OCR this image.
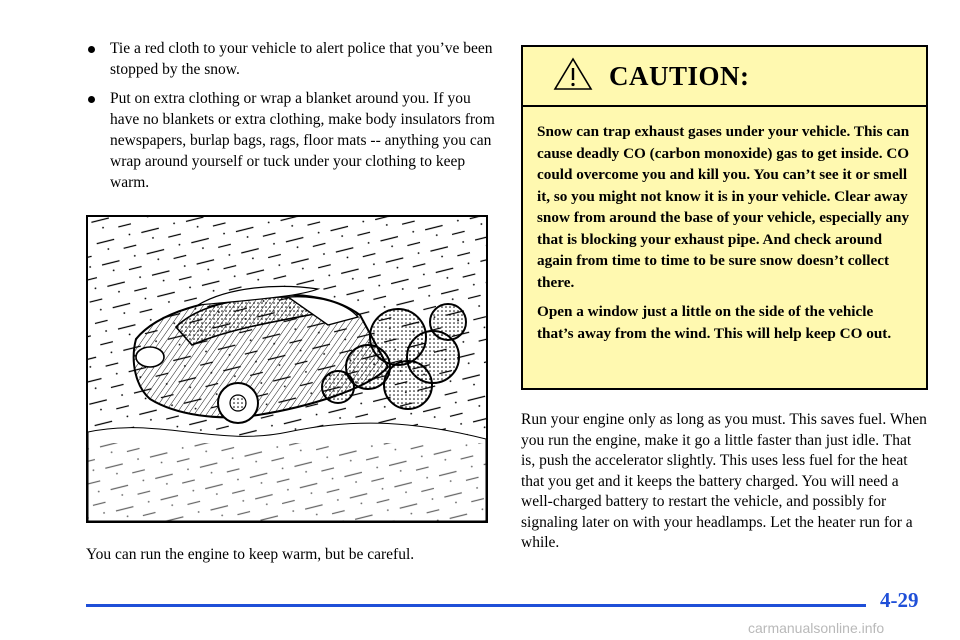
Tie a red cloth to your vehicle to alert police that you’ve been stopped by the snow.
Put on extra clothing or wrap a blanket around you. If you have no blankets or extra clothing, make body insulators from newspapers, burlap bags, rags, floor mats -- anything you can wrap around yourself or tuck under your clothing to keep warm.
You can run the engine to keep warm, but be careful.
CAUTION:

Snow can trap exhaust gases under your vehicle. This can cause deadly CO (carbon monoxide) gas to get inside. CO could overcome you and kill you. You can’t see it or smell it, so you might not know it is in your vehicle. Clear away snow from around the base of your vehicle, especially any that is blocking your exhaust pipe. And check around again from time to time to be sure snow doesn’t collect there.

Open a window just a little on the side of the vehicle that’s away from the wind. This will help keep CO out.

Run your engine only as long as you must. This saves fuel. When you run the engine, make it go a little faster than just idle. That is, push the accelerator slightly. This uses less fuel for the heat that you get and it keeps the battery charged. You will need a well-charged battery to restart the vehicle, and possibly for signaling later on with your headlamps. Let the heater run for a while.
4-29
carmanualsonline.info
